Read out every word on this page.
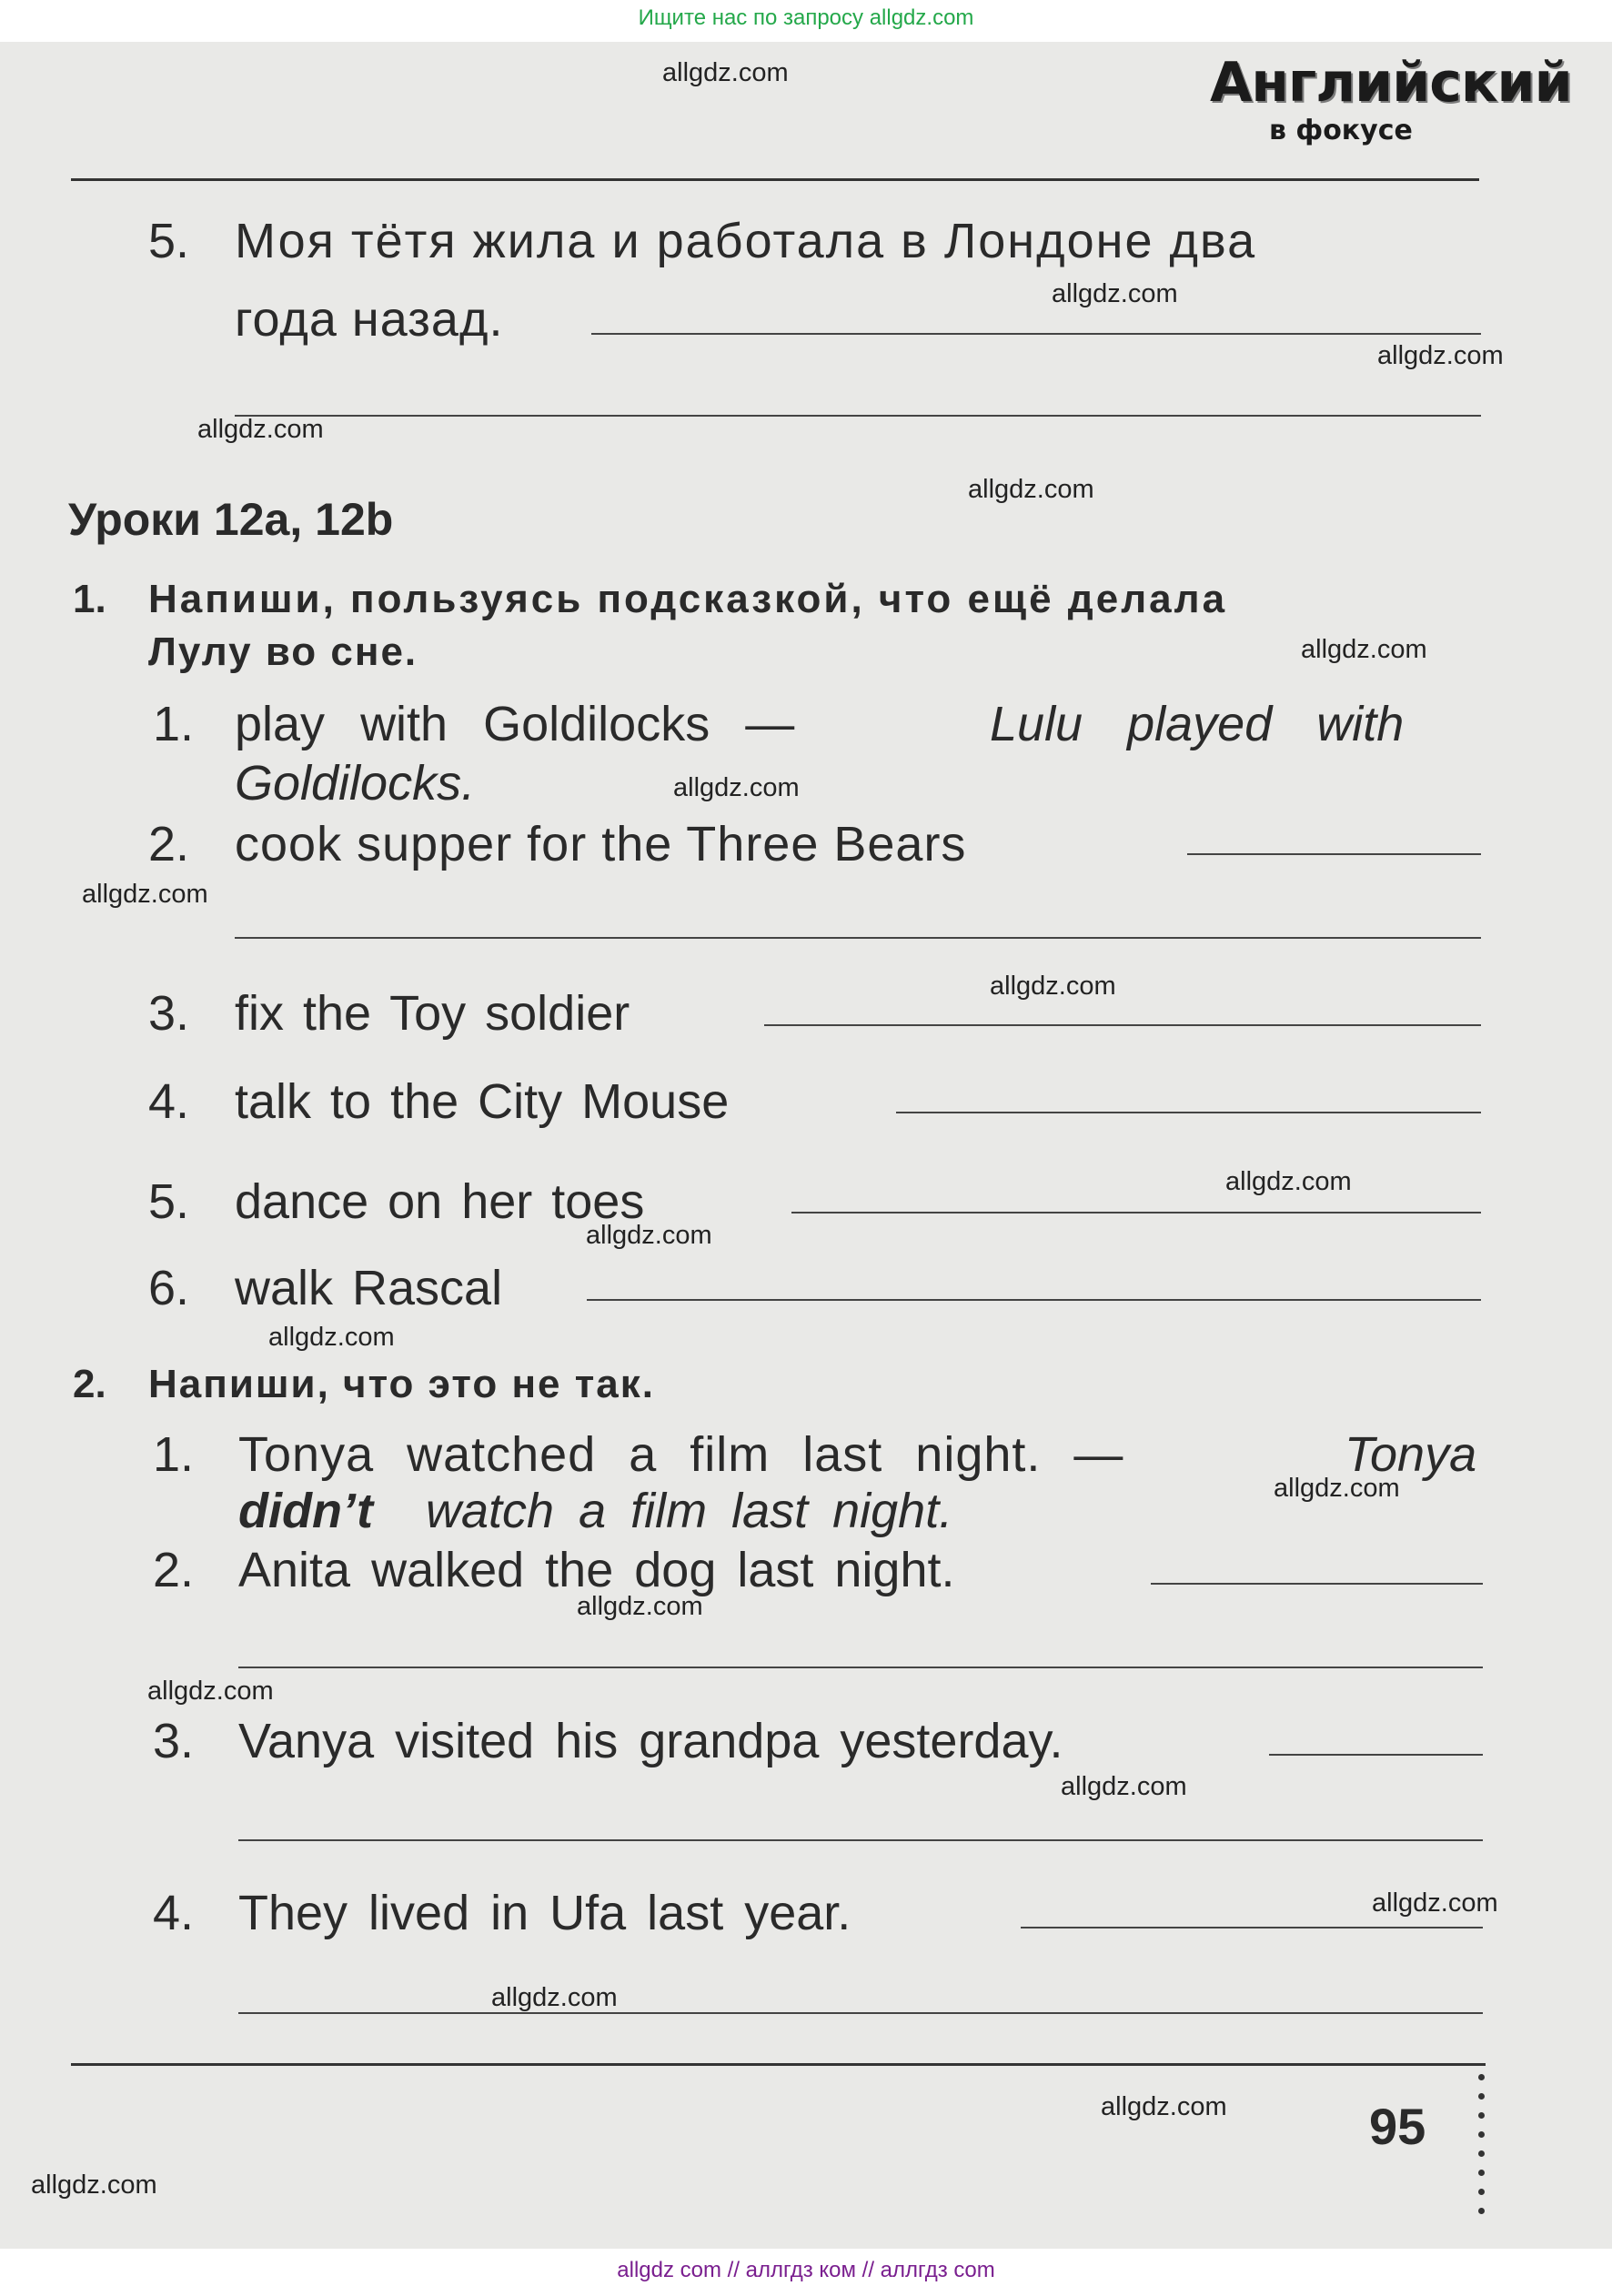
Ищите нас по запросу allgdz.com
Английский
в фокусе
5. Моя тётя жила и работала в Лондоне два
года назад.
Уроки 12a, 12b
1. Напиши, пользуясь подсказкой, что ещё делала
Лулу во сне.
1. play with Goldilocks —	Lulu played with
Goldilocks.
2. cook supper for the Three Bears
3. fix the Toy soldier
4. talk to the City Mouse
5. dance on her toes
6. walk Rascal
2. Напиши, что это не так.
1. Tonya watched a film last night. —	Tonya
didn’t watch a film last night.
2. Anita walked the dog last night.
3. Vanya visited his grandpa yesterday.
4. They lived in Ufa last year.
95
allgdz.com
allgdz.com
allgdz.com
allgdz.com
allgdz.com
allgdz.com
allgdz.com
allgdz.com
allgdz.com
allgdz.com
allgdz.com
allgdz.com
allgdz.com
allgdz.com
allgdz.com
allgdz.com
allgdz.com
allgdz.com
allgdz.com
allgdz.com
allgdz com // аллгдз ком // аллгдз com
